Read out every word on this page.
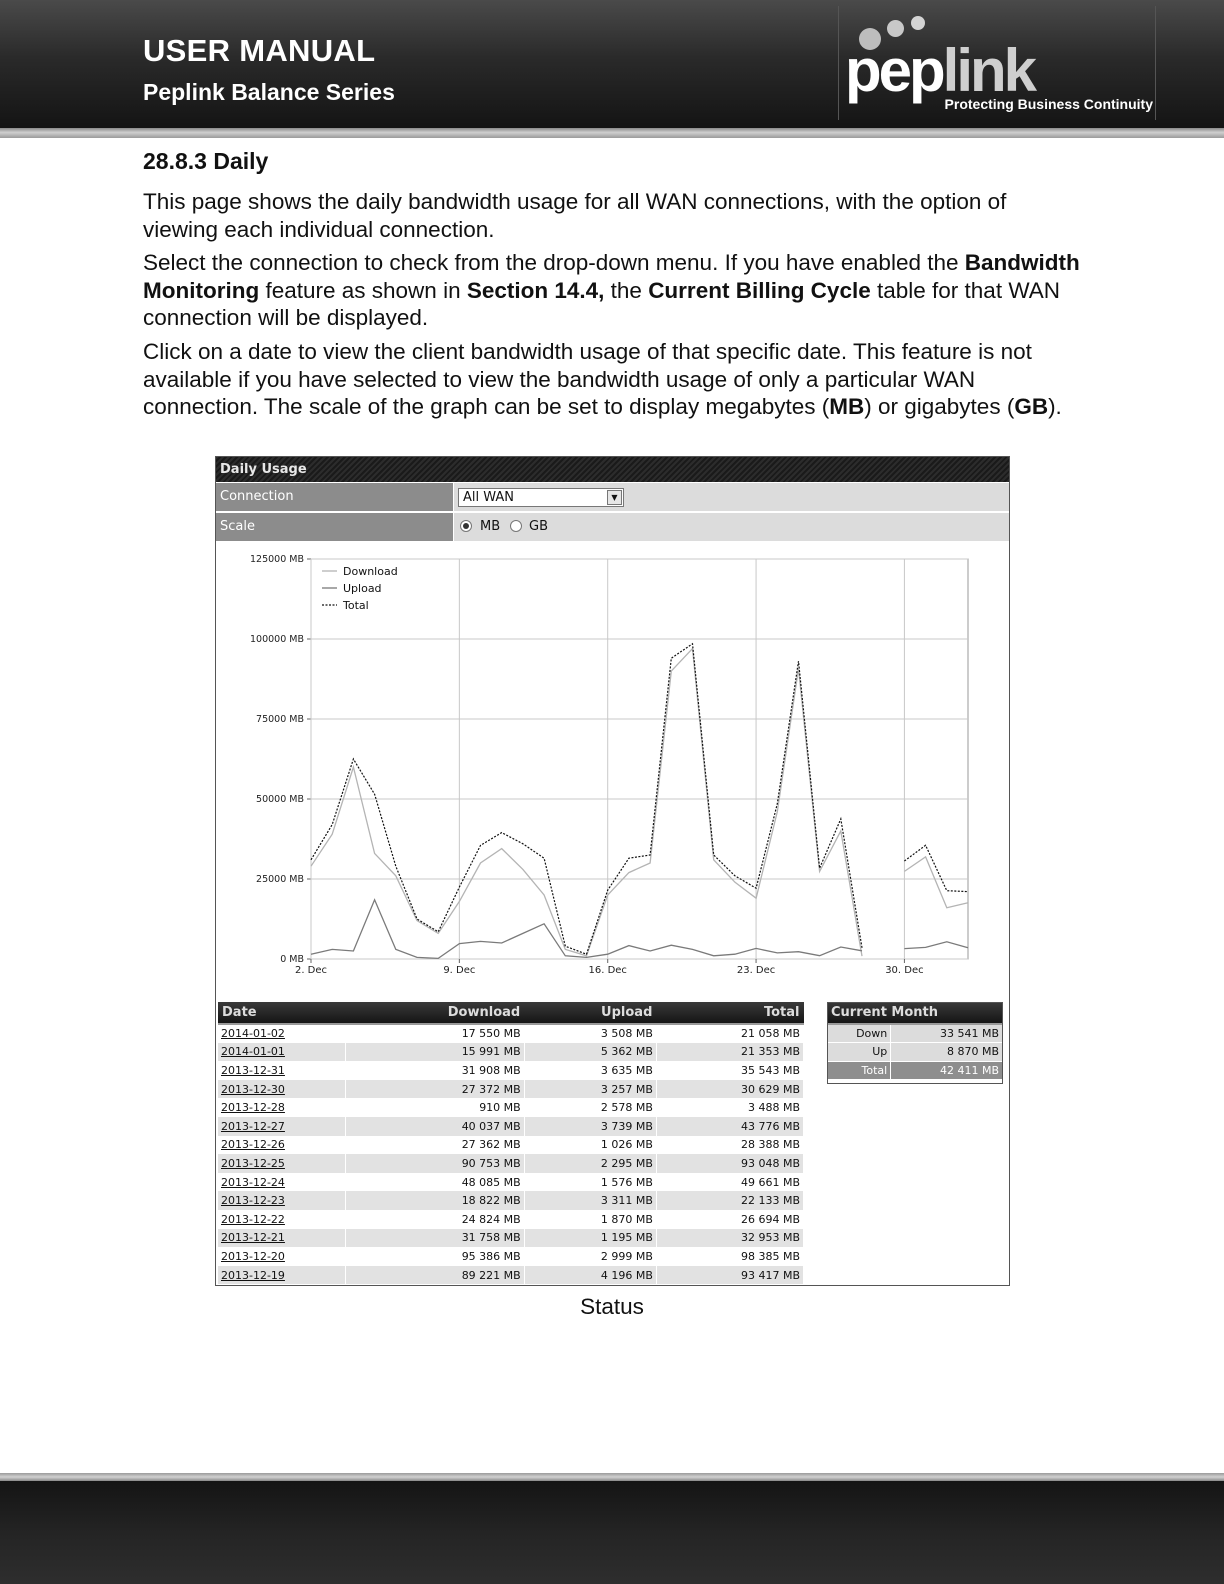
USER MANUAL
Peplink Balance Series	peplink
Protecting Business Continuity
28.8.3 Daily

This page shows the daily bandwidth usage for all WAN connections, with the option of viewing each individual connection.

Select the connection to check from the drop-down menu. If you have enabled the Bandwidth Monitoring feature as shown in Section 14.4, the Current Billing Cycle table for that WAN connection will be displayed.

Click on a date to view the client bandwidth usage of that specific date. This feature is not available if you have selected to view the bandwidth usage of only a particular WAN connection. The scale of the graph can be set to display megabytes (MB) or gigabytes (GB).

Daily Usage
Connection	All WAN	▼
Scale	MB GB
0 MB
25000 MB
50000 MB
75000 MB
100000 MB
125000 MB
2. Dec	9. Dec	16. Dec	23. Dec	30. Dec
Download
Upload
Total
Date	Download	Upload	Total
2014-01-02	17 550 MB	3 508 MB	21 058 MB
2014-01-01	15 991 MB	5 362 MB	21 353 MB
2013-12-31	31 908 MB	3 635 MB	35 543 MB
2013-12-30	27 372 MB	3 257 MB	30 629 MB
2013-12-28	910 MB	2 578 MB	3 488 MB
2013-12-27	40 037 MB	3 739 MB	43 776 MB
2013-12-26	27 362 MB	1 026 MB	28 388 MB
2013-12-25	90 753 MB	2 295 MB	93 048 MB
2013-12-24	48 085 MB	1 576 MB	49 661 MB
2013-12-23	18 822 MB	3 311 MB	22 133 MB
2013-12-22	24 824 MB	1 870 MB	26 694 MB
2013-12-21	31 758 MB	1 195 MB	32 953 MB
2013-12-20	95 386 MB	2 999 MB	98 385 MB
2013-12-19	89 221 MB	4 196 MB	93 417 MB
Current Month	
Down	33 541 MB
Up	8 870 MB
Total	42 411 MB
Status
